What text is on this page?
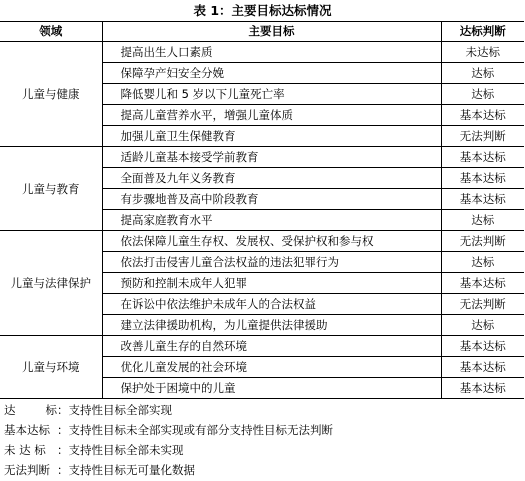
表 1：主要目标达标情况
领域	主要目标	达标判断
儿童与健康	提高出生人口素质	未达标
	保障孕产妇安全分娩	达标
	降低婴儿和 5 岁以下儿童死亡率	达标
	提高儿童营养水平，增强儿童体质	基本达标
	加强儿童卫生保健教育	无法判断
儿童与教育	适龄儿童基本接受学前教育	基本达标
	全面普及九年义务教育	基本达标
	有步骤地普及高中阶段教育	基本达标
	提高家庭教育水平	达标
儿童与法律保护	依法保障儿童生存权、发展权、受保护权和参与权	无法判断
	依法打击侵害儿童合法权益的违法犯罪行为	达标
	预防和控制未成年人犯罪	基本达标
	在诉讼中依法维护未成年人的合法权益	无法判断
	建立法律援助机构，为儿童提供法律援助	达标
儿童与环境	改善儿童生存的自然环境	基本达标
	优化儿童发展的社会环境	基本达标
	保护处于困境中的儿童	基本达标
达　标：支持性目标全部实现
基本达标 ：支持性目标未全部实现或有部分支持性目标无法判断
未 达 标 ：支持性目标全部未实现
无法判断 ：支持性目标无可量化数据
